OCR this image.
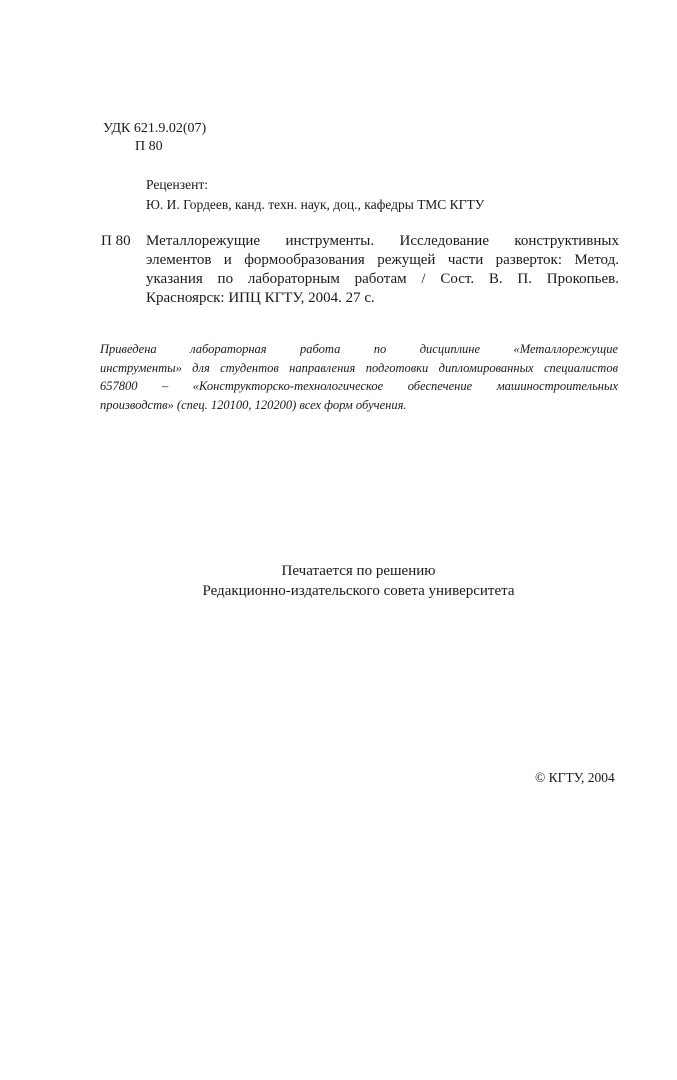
УДК 621.9.02(07)
П 80
Рецензент:
Ю. И. Гордеев, канд. техн. наук, доц., кафедры ТМС КГТУ
П 80 Металлорежущие инструменты. Исследование конструктивных
элементов и формообразования режущей части разверток: Метод.
указания по лабораторным работам / Сост. В. П. Прокопьев.
Красноярск: ИПЦ КГТУ, 2004. 27 с.
Приведена лабораторная работа по дисциплине «Металлорежущие
инструменты» для студентов направления подготовки дипломированных специалистов
657800 – «Конструкторско-технологическое обеспечение машиностроительных
производств» (спец. 120100, 120200) всех форм обучения.
Печатается по решению
Редакционно-издательского совета университета
© КГТУ, 2004
